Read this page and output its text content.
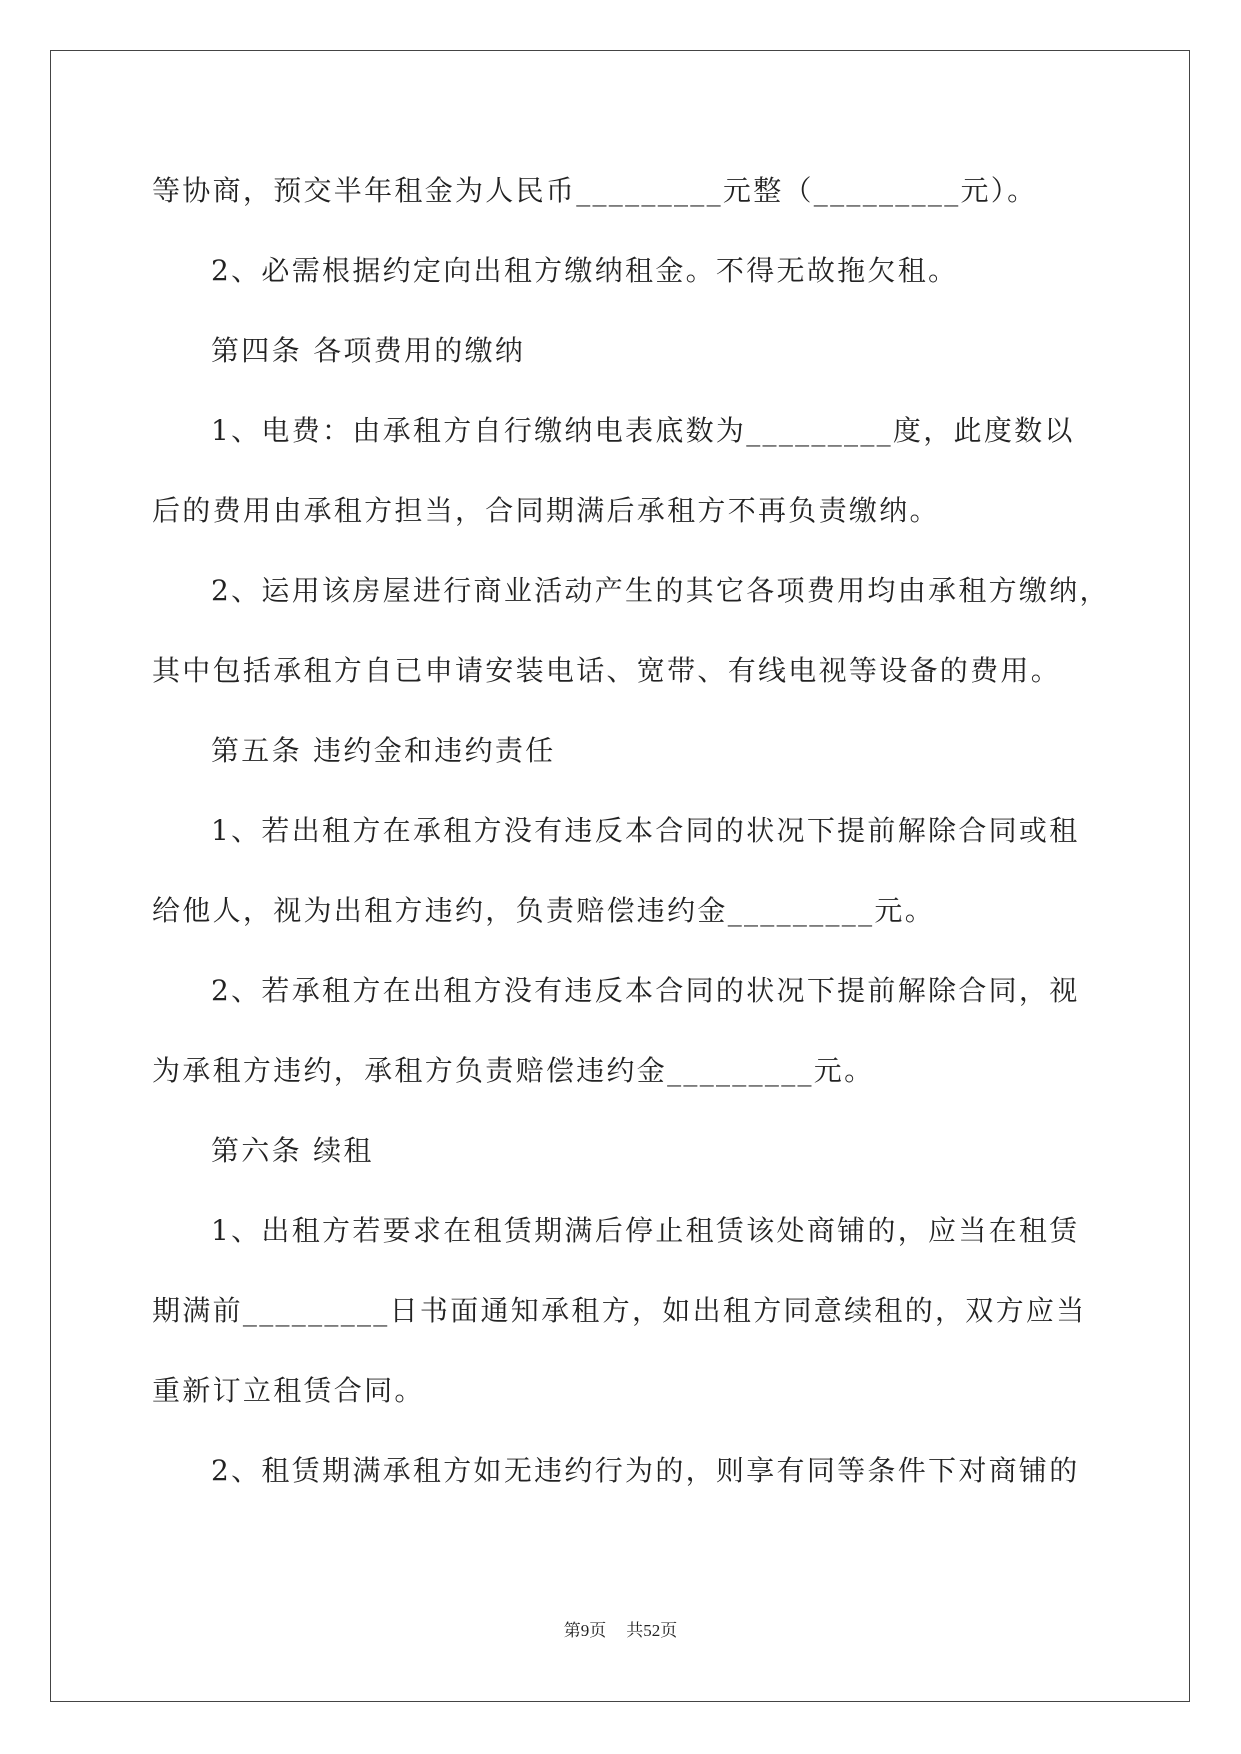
等协商，预交半年租金为人民币_________元整（_________元）。
2、必需根据约定向出租方缴纳租金。不得无故拖欠租。
第四条 各项费用的缴纳
1、电费：由承租方自行缴纳电表底数为_________度，此度数以
后的费用由承租方担当，合同期满后承租方不再负责缴纳。
2、运用该房屋进行商业活动产生的其它各项费用均由承租方缴纳，
其中包括承租方自已申请安装电话、宽带、有线电视等设备的费用。
第五条 违约金和违约责任
1、若出租方在承租方没有违反本合同的状况下提前解除合同或租
给他人，视为出租方违约，负责赔偿违约金_________元。
2、若承租方在出租方没有违反本合同的状况下提前解除合同，视
为承租方违约，承租方负责赔偿违约金_________元。
第六条 续租
1、出租方若要求在租赁期满后停止租赁该处商铺的，应当在租赁
期满前_________日书面通知承租方，如出租方同意续租的，双方应当
重新订立租赁合同。
2、租赁期满承租方如无违约行为的，则享有同等条件下对商铺的
第9页 共52页
